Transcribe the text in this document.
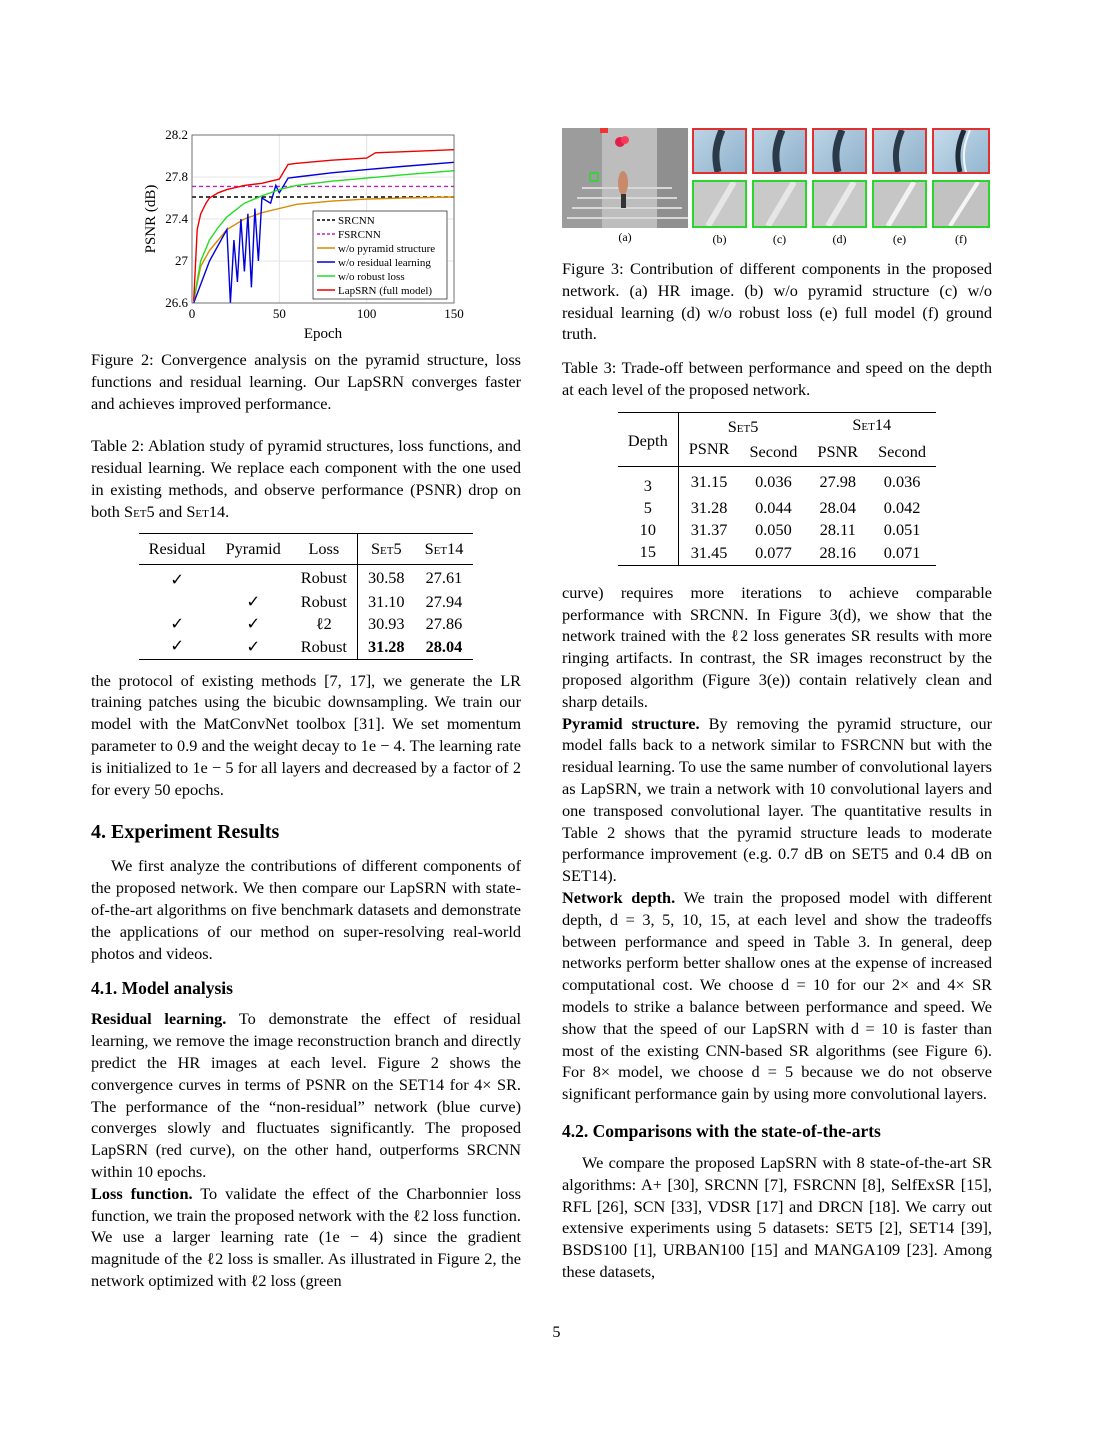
0	50	100	150
26.6
27
27.4
27.8
28.2
Epoch
PSNR (dB)	SRCNN
FSRCNN
w/o pyramid structure
w/o residual learning
w/o robust loss
LapSRN (full model)

Figure 2: Convergence analysis on the pyramid structure, loss functions and residual learning. Our LapSRN converges faster and achieves improved performance.

Table 2: Ablation study of pyramid structures, loss functions, and residual learning. We replace each component with the one used in existing methods, and observe performance (PSNR) drop on both Set5 and Set14.

Residual	Pyramid	Loss	Set5	Set14
✓		Robust	30.58	27.61
	✓	Robust	31.10	27.94
✓	✓	ℓ2	30.93	27.86
✓	✓	Robust	31.28	28.04

the protocol of existing methods [7, 17], we generate the LR training patches using the bicubic downsampling. We train our model with the MatConvNet toolbox [31]. We set momentum parameter to 0.9 and the weight decay to 1e − 4. The learning rate is initialized to 1e − 5 for all layers and decreased by a factor of 2 for every 50 epochs.

4. Experiment Results

We first analyze the contributions of different components of the proposed network. We then compare our LapSRN with state-of-the-art algorithms on five benchmark datasets and demonstrate the applications of our method on super-resolving real-world photos and videos.

4.1. Model analysis

Residual learning. To demonstrate the effect of residual learning, we remove the image reconstruction branch and directly predict the HR images at each level. Figure 2 shows the convergence curves in terms of PSNR on the SET14 for 4× SR. The performance of the “non-residual” network (blue curve) converges slowly and fluctuates significantly. The proposed LapSRN (red curve), on the other hand, outperforms SRCNN within 10 epochs.

Loss function. To validate the effect of the Charbonnier loss function, we train the proposed network with the ℓ2 loss function. We use a larger learning rate (1e − 4) since the gradient magnitude of the ℓ2 loss is smaller. As illustrated in Figure 2, the network optimized with ℓ2 loss (green

(a)	(b)	(c)	(d)	(e)	(f)

Figure 3: Contribution of different components in the proposed network. (a) HR image. (b) w/o pyramid structure (c) w/o residual learning (d) w/o robust loss (e) full model (f) ground truth.

Table 3: Trade-off between performance and speed on the depth at each level of the proposed network.

Depth	Set5		Set14	
	PSNR	Second	PSNR	Second
3	31.15	0.036	27.98	0.036
5	31.28	0.044	28.04	0.042
10	31.37	0.050	28.11	0.051
15	31.45	0.077	28.16	0.071

curve) requires more iterations to achieve comparable performance with SRCNN. In Figure 3(d), we show that the network trained with the ℓ2 loss generates SR results with more ringing artifacts. In contrast, the SR images reconstruct by the proposed algorithm (Figure 3(e)) contain relatively clean and sharp details.

Pyramid structure. By removing the pyramid structure, our model falls back to a network similar to FSRCNN but with the residual learning. To use the same number of convolutional layers as LapSRN, we train a network with 10 convolutional layers and one transposed convolutional layer. The quantitative results in Table 2 shows that the pyramid structure leads to moderate performance improvement (e.g. 0.7 dB on SET5 and 0.4 dB on SET14).

Network depth. We train the proposed model with different depth, d = 3, 5, 10, 15, at each level and show the tradeoffs between performance and speed in Table 3. In general, deep networks perform better shallow ones at the expense of increased computational cost. We choose d = 10 for our 2× and 4× SR models to strike a balance between performance and speed. We show that the speed of our LapSRN with d = 10 is faster than most of the existing CNN-based SR algorithms (see Figure 6). For 8× model, we choose d = 5 because we do not observe significant performance gain by using more convolutional layers.

4.2. Comparisons with the state-of-the-arts

We compare the proposed LapSRN with 8 state-of-the-art SR algorithms: A+ [30], SRCNN [7], FSRCNN [8], SelfExSR [15], RFL [26], SCN [33], VDSR [17] and DRCN [18]. We carry out extensive experiments using 5 datasets: SET5 [2], SET14 [39], BSDS100 [1], URBAN100 [15] and MANGA109 [23]. Among these datasets,

5
